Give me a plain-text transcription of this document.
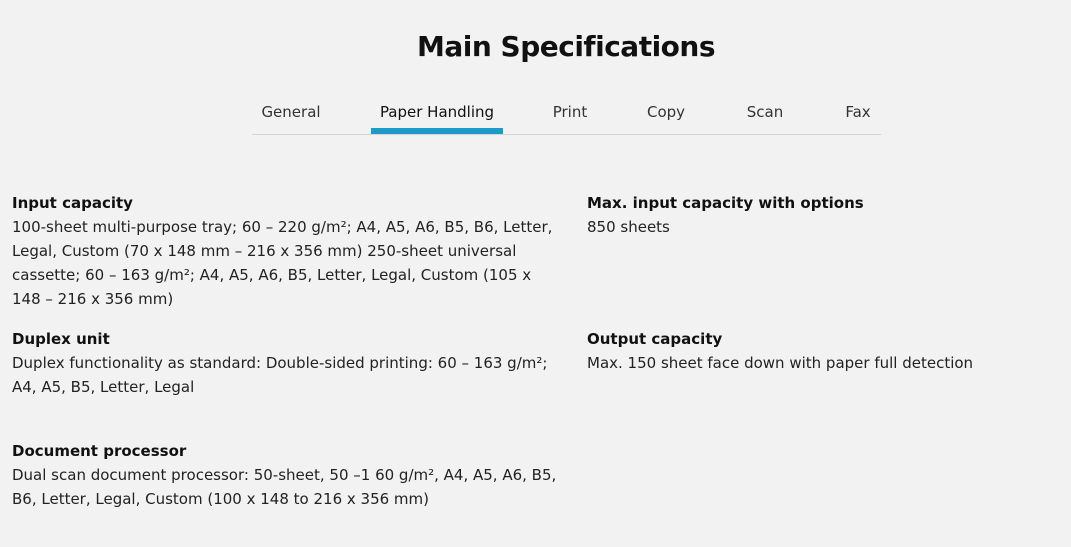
Main Specifications
General	Paper Handling	Print	Copy	Scan	Fax
Input capacity
100-sheet multi-purpose tray; 60 – 220 g/m²; A4, A5, A6, B5, B6, Letter, Legal, Custom (70 x 148 mm – 216 x 356 mm) 250-sheet universal cassette; 60 – 163 g/m²; A4, A5, A6, B5, Letter, Legal, Custom (105 x 148 – 216 x 356 mm)
Max. input capacity with options
850 sheets
Duplex unit
Duplex functionality as standard: Double-sided printing: 60 – 163 g/m²; A4, A5, B5, Letter, Legal
Output capacity
Max. 150 sheet face down with paper full detection
Document processor
Dual scan document processor: 50-sheet, 50 –1 60 g/m², A4, A5, A6, B5, B6, Letter, Legal, Custom (100 x 148 to 216 x 356 mm)
